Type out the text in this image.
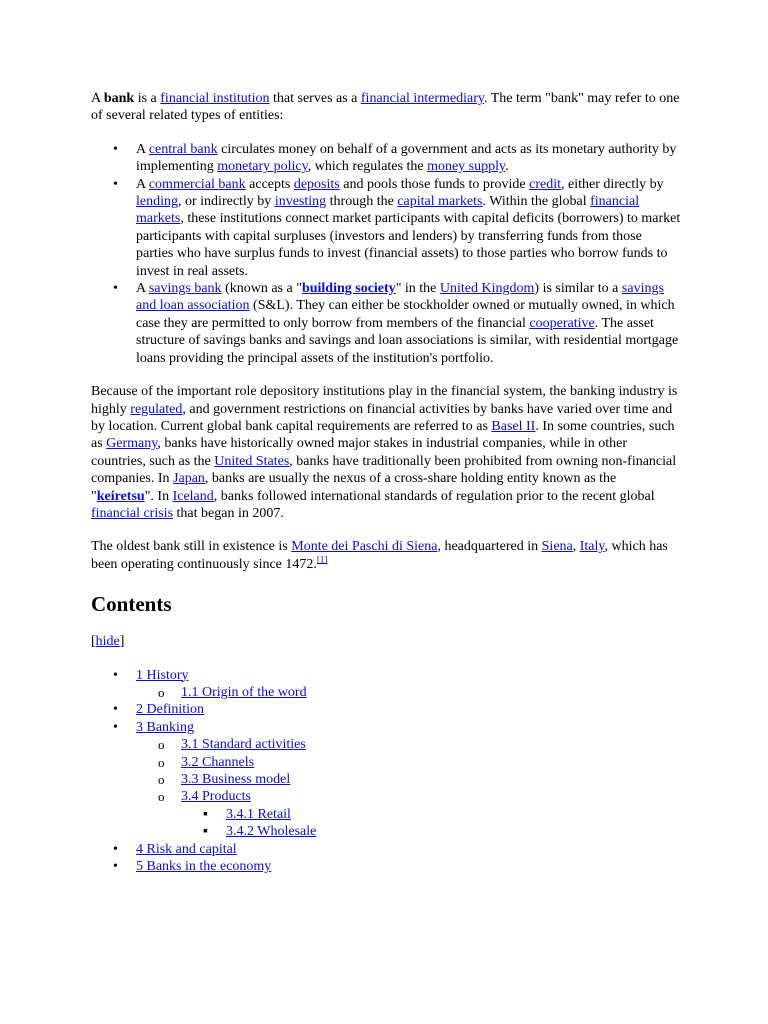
A bank is a financial institution that serves as a financial intermediary. The term "bank" may refer to one of several related types of entities:

• A central bank circulates money on behalf of a government and acts as its monetary authority by implementing monetary policy, which regulates the money supply.
• A commercial bank accepts deposits and pools those funds to provide credit, either directly by lending, or indirectly by investing through the capital markets. Within the global financial markets, these institutions connect market participants with capital deficits (borrowers) to market participants with capital surpluses (investors and lenders) by transferring funds from those parties who have surplus funds to invest (financial assets) to those parties who borrow funds to invest in real assets.
• A savings bank (known as a "building society" in the United Kingdom) is similar to a savings and loan association (S&L). They can either be stockholder owned or mutually owned, in which case they are permitted to only borrow from members of the financial cooperative. The asset structure of savings banks and savings and loan associations is similar, with residential mortgage loans providing the principal assets of the institution's portfolio.

Because of the important role depository institutions play in the financial system, the banking industry is highly regulated, and government restrictions on financial activities by banks have varied over time and by location. Current global bank capital requirements are referred to as Basel II. In some countries, such as Germany, banks have historically owned major stakes in industrial companies, while in other countries, such as the United States, banks have traditionally been prohibited from owning non-financial companies. In Japan, banks are usually the nexus of a cross-share holding entity known as the "keiretsu". In Iceland, banks followed international standards of regulation prior to the recent global financial crisis that began in 2007.

The oldest bank still in existence is Monte dei Paschi di Siena, headquartered in Siena, Italy, which has been operating continuously since 1472.[1]

Contents

[hide]

• 1 History
o 1.1 Origin of the word
• 2 Definition
• 3 Banking
o 3.1 Standard activities
o 3.2 Channels
o 3.3 Business model
o 3.4 Products
▪ 3.4.1 Retail
▪ 3.4.2 Wholesale
• 4 Risk and capital
• 5 Banks in the economy
